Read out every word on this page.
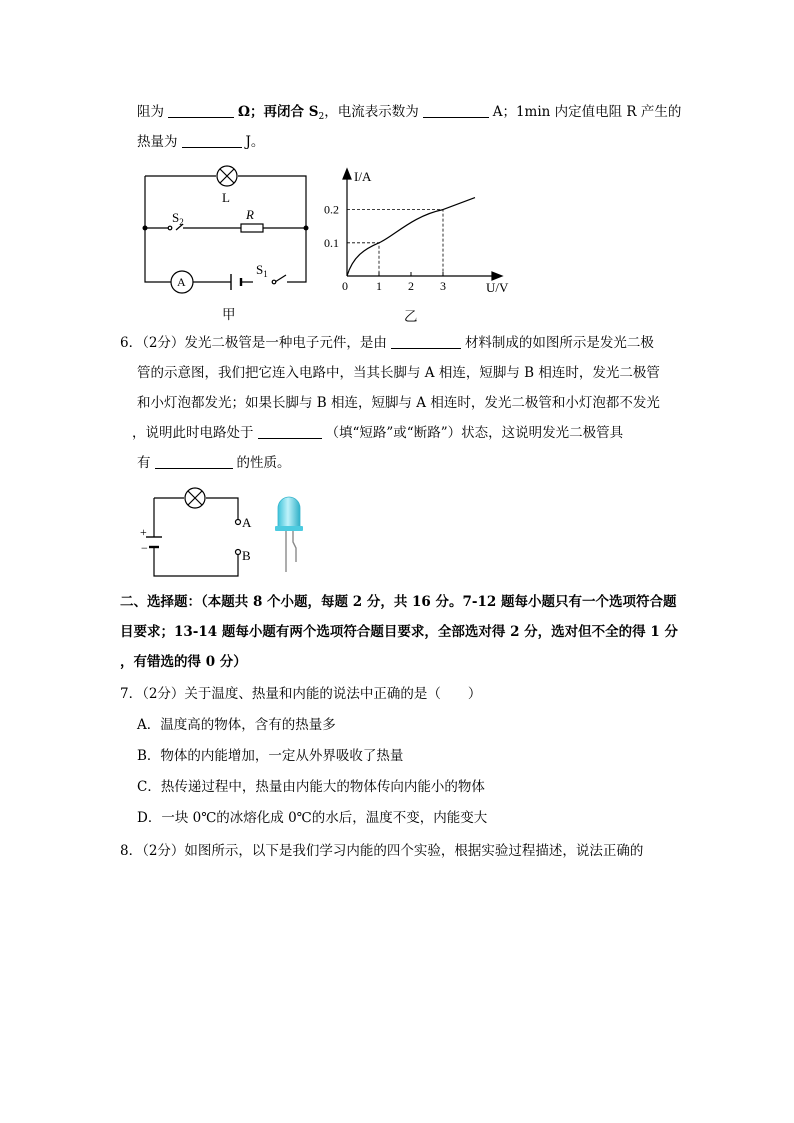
阻为	Ω；再闭合 $S_2$，电流表示数为	A；1min 内定值电阻 R 产生的
热量为	J。
L
$S_2$	R
A
$S_1$
甲
0 1 2 3
0.1
0.2
I/A
U/V
乙
6．（2分）发光二极管是一种电子元件，是由	材料制成的如图所示是发光二极
管的示意图，我们把它连入电路中，当其长脚与 A 相连，短脚与 B 相连时，发光二极管
和小灯泡都发光；如果长脚与 B 相连，短脚与 A 相连时，发光二极管和小灯泡都不发光
，说明此时电路处于	（填“短路”或“断路”）状态，这说明发光二极管具
有	的性质。
+
−
A
B
二、选择题：（本题共 8 个小题，每题 2 分，共 16 分。7-12 题每小题只有一个选项符合题
目要求；13-14 题每小题有两个选项符合题目要求，全部选对得 2 分，选对但不全的得 1 分
，有错选的得 0 分）
7．（2分）关于温度、热量和内能的说法中正确的是（　　）
A．温度高的物体，含有的热量多
B．物体的内能增加，一定从外界吸收了热量
C．热传递过程中，热量由内能大的物体传向内能小的物体
D．一块 0℃的冰熔化成 0℃的水后，温度不变，内能变大
8．（2分）如图所示，以下是我们学习内能的四个实验，根据实验过程描述，说法正确的
